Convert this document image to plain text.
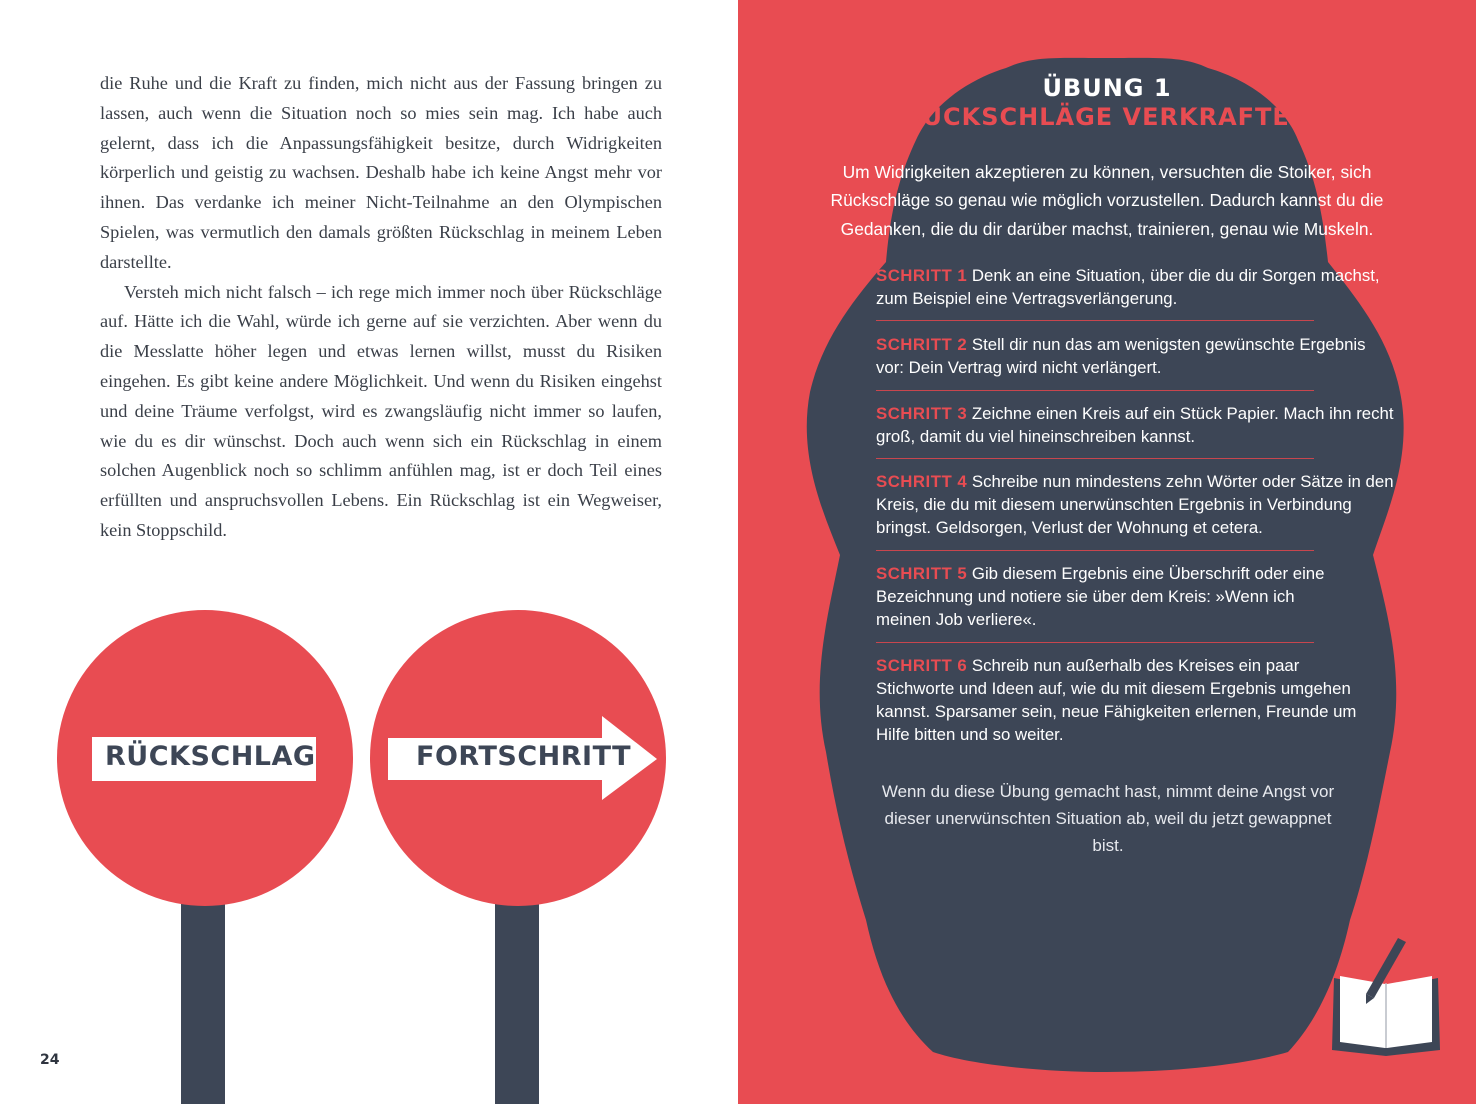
die Ruhe und die Kraft zu finden, mich nicht aus der Fassung bringen zu lassen, auch wenn die Situation noch so mies sein mag. Ich habe auch gelernt, dass ich die Anpassungsfähigkeit besitze, durch Widrigkeiten körperlich und geistig zu wachsen. Deshalb habe ich keine Angst mehr vor ihnen. Das verdanke ich meiner Nicht-Teilnahme an den Olympischen Spielen, was vermutlich den damals größten Rückschlag in meinem Leben darstellte.

Versteh mich nicht falsch – ich rege mich immer noch über Rückschläge auf. Hätte ich die Wahl, würde ich gerne auf sie verzichten. Aber wenn du die Messlatte höher legen und etwas lernen willst, musst du Risiken eingehen. Es gibt keine andere Möglichkeit. Und wenn du Risiken eingehst und deine Träume verfolgst, wird es zwangsläufig nicht immer so laufen, wie du es dir wünschst. Doch auch wenn sich ein Rückschlag in einem solchen Augenblick noch so schlimm anfühlen mag, ist er doch Teil eines erfüllten und anspruchsvollen Lebens. Ein Rückschlag ist ein Wegweiser, kein Stoppschild.

RÜCKSCHLAG	FORTSCHRITT
24
ÜBUNG 1
RÜCKSCHLÄGE VERKRAFTEN
Um Widrigkeiten akzeptieren zu können, versuchten die Stoiker, sich Rückschläge so genau wie möglich vorzustellen. Dadurch kannst du die Gedanken, die du dir darüber machst, trainieren, genau wie Muskeln.
SCHRITT 1 Denk an eine Situation, über die du dir Sorgen machst, zum Beispiel eine Vertragsverlängerung.
SCHRITT 2 Stell dir nun das am wenigsten gewünschte Ergebnis vor: Dein Vertrag wird nicht verlängert.
SCHRITT 3 Zeichne einen Kreis auf ein Stück Papier. Mach ihn recht groß, damit du viel hineinschreiben kannst.
SCHRITT 4 Schreibe nun mindestens zehn Wörter oder Sätze in den Kreis, die du mit diesem unerwünschten Ergebnis in Verbindung bringst. Geldsorgen, Verlust der Wohnung et cetera.
SCHRITT 5 Gib diesem Ergebnis eine Überschrift oder eine Bezeichnung und notiere sie über dem Kreis: »Wenn ich meinen Job verliere«.
SCHRITT 6 Schreib nun außerhalb des Kreises ein paar Stichworte und Ideen auf, wie du mit diesem Ergebnis umgehen kannst. Sparsamer sein, neue Fähigkeiten erlernen, Freunde um Hilfe bitten und so weiter.
Wenn du diese Übung gemacht hast, nimmt deine Angst vor dieser unerwünschten Situation ab, weil du jetzt gewappnet bist.
